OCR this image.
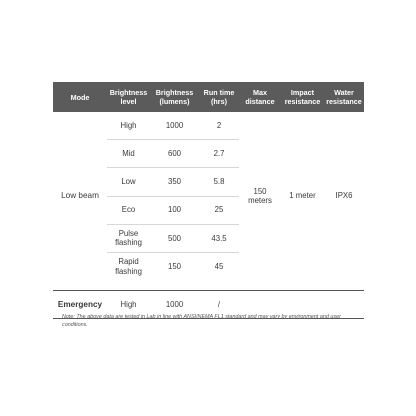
Mode	Brightness level	Brightness (lumens)	Run time (hrs)	Max distance	Impact resistance	Water resistance
Low beam	High	1000	2	150 meters	1 meter	IPX6
	Mid	600	2.7			
	Low	350	5.8			
	Eco	100	25			
	Pulse flashing	500	43.5			
	Rapid flashing	150	45			

Emergency	High	1000	/			
Note: The above data are tested in Lab in line with ANSI/NEMA FL1 standard and may vary by environment and user conditions.
